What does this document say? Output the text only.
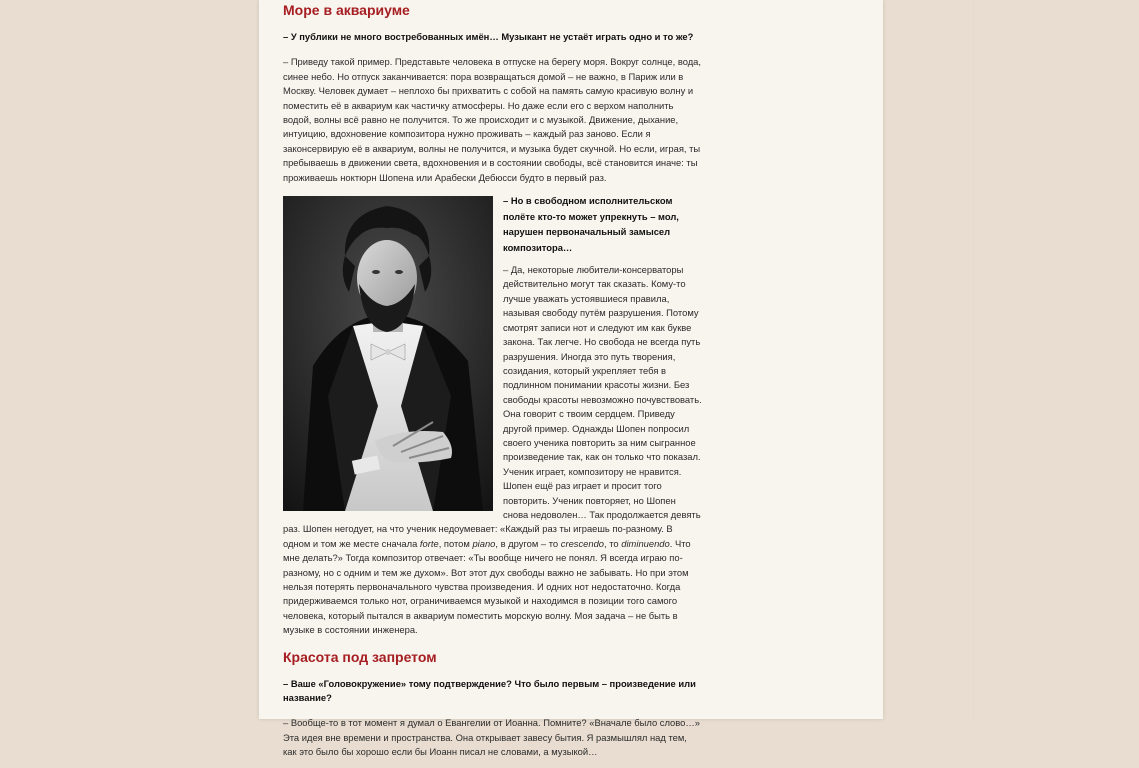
Море в аквариуме

– У публики не много востребованных имён… Музыкант не устаёт играть одно и то же?

– Приведу такой пример. Представьте человека в отпуске на берегу моря. Вокруг солнце, вода, синее небо. Но отпуск заканчивается: пора возвращаться домой – не важно, в Париж или в Москву. Человек думает – неплохо бы прихватить с собой на память самую красивую волну и поместить её в аквариум как частичку атмосферы. Но даже если его с верхом наполнить водой, волны всё равно не получится. То же происходит и с музыкой. Движение, дыхание, интуицию, вдохновение композитора нужно проживать – каждый раз заново. Если я законсервирую её в аквариум, волны не получится, и музыка будет скучной. Но если, играя, ты пребываешь в движении света, вдохновения и в состоянии свободы, всё становится иначе: ты проживаешь ноктюрн Шопена или Арабески Дебюсси будто в первый раз.

– Но в свободном исполнительском полёте кто-то может упрекнуть – мол, нарушен первоначальный замысел композитора…

– Да, некоторые любители-консерваторы действительно могут так сказать. Кому-то лучше уважать устоявшиеся правила, называя свободу путём разрушения. Потому смотрят записи нот и следуют им как букве закона. Так легче. Но свобода не всегда путь разрушения. Иногда это путь творения, созидания, который укрепляет тебя в подлинном понимании красоты жизни. Без свободы красоты невозможно почувствовать. Она говорит с твоим сердцем. Приведу другой пример. Однажды Шопен попросил своего ученика повторить за ним сыгранное произведение так, как он только что показал. Ученик играет, композитору не нравится. Шопен ещё раз играет и просит того повторить. Ученик повторяет, но Шопен снова недоволен… Так продолжается девять раз. Шопен негодует, на что ученик недоумевает: «Каждый раз ты играешь по-разному. В одном и том же месте сначала forte, потом piano, в другом – то crescendo, то diminuendo. Что мне делать?» Тогда композитор отвечает: «Ты вообще ничего не понял. Я всегда играю по-разному, но с одним и тем же духом». Вот этот дух свободы важно не забывать. Но при этом нельзя потерять первоначального чувства произведения. И одних нот недостаточно. Когда придерживаемся только нот, ограничиваемся музыкой и находимся в позиции того самого человека, который пытался в аквариум поместить морскую волну. Моя задача – не быть в музыке в состоянии инженера.

Красота под запретом

– Ваше «Головокружение» тому подтверждение? Что было первым – произведение или название?

– Вообще-то в тот момент я думал о Евангелии от Иоанна. Помните? «Вначале было слово…» Эта идея вне времени и пространства. Она открывает завесу бытия. Я размышлял над тем, как это было бы хорошо если бы Иоанн писал не словами, а музыкой…
